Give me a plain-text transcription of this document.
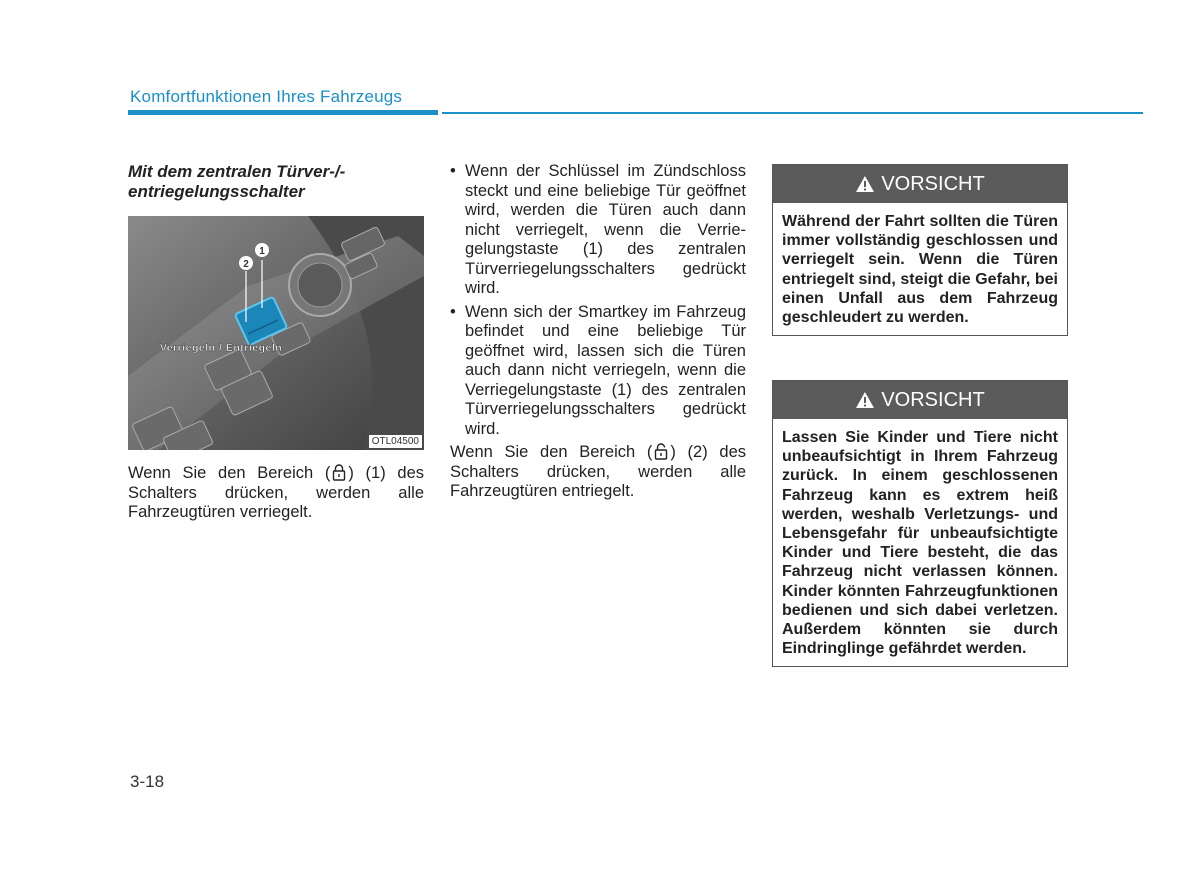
Komfortfunktionen Ihres Fahrzeugs

Mit dem zentralen Türver-/-
entriegelungsschalter

1
2
Verriegeln / Entriegeln
OTL04500

Wenn Sie den Bereich ( ) (1) des Schalters drücken, werden alle Fahrzeugtüren verriegelt.

• Wenn der Schlüssel im Zündschloss steckt und eine beliebige Tür geöffnet wird, werden die Türen auch dann nicht verriegelt, wenn die Verriegelungstaste (1) des zentralen Türverriegelungsschalters gedrückt wird.
• Wenn sich der Smartkey im Fahrzeug befindet und eine beliebige Tür geöffnet wird, lassen sich die Türen auch dann nicht verriegeln, wenn die Verriegelungstaste (1) des zentralen Türverriegelungsschalters gedrückt wird.

Wenn Sie den Bereich ( ) (2) des Schalters drücken, werden alle Fahrzeugtüren entriegelt.

VORSICHT
Während der Fahrt sollten die Türen immer vollständig geschlossen und verriegelt sein. Wenn die Türen entriegelt sind, steigt die Gefahr, bei einen Unfall aus dem Fahrzeug geschleudert zu werden.
VORSICHT
Lassen Sie Kinder und Tiere nicht unbeaufsichtigt in Ihrem Fahrzeug zurück. In einem geschlossenen Fahrzeug kann es extrem heiß werden, weshalb Verletzungs- und Lebensgefahr für unbeaufsichtigte Kinder und Tiere besteht, die das Fahrzeug nicht verlassen können. Kinder könnten Fahrzeugfunktionen bedienen und sich dabei verletzen. Außerdem könnten sie durch Eindringlinge gefährdet werden.
3-18
